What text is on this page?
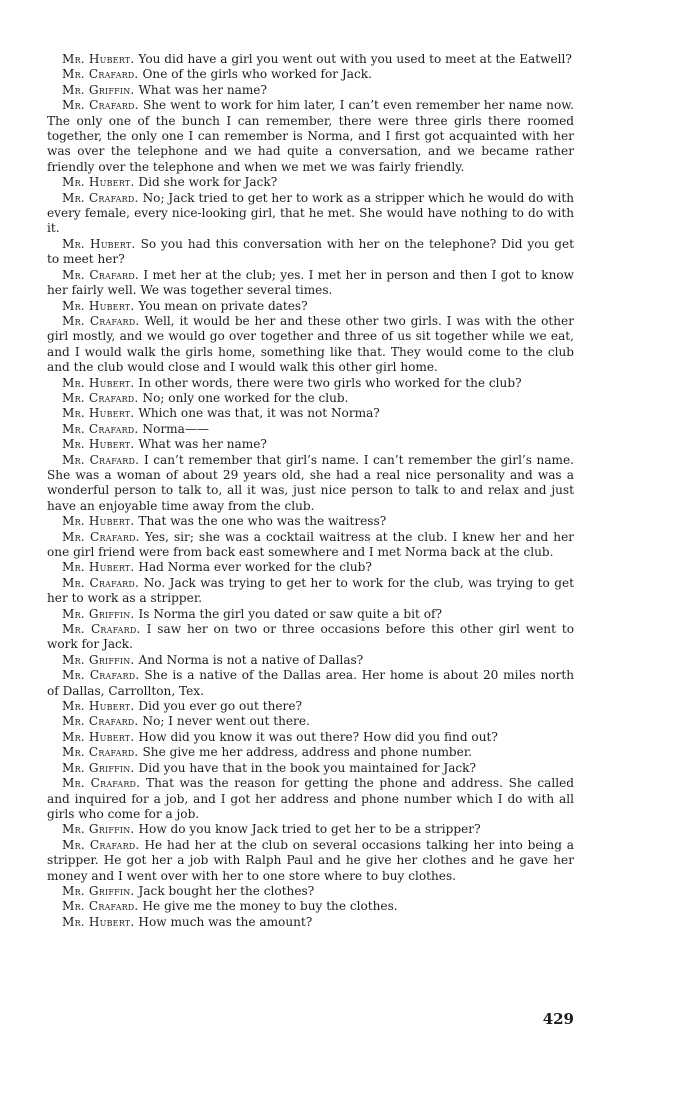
Mr. Hubert . You did have a girl you went out with you used to meet at the Eatwell?

Mr. Crafard . One of the girls who worked for Jack.

Mr. Griffin . What was her name?

Mr. Crafard . She went to work for him later, I can’t even remember her name now. The only one of the bunch I can remember, there were three girls there roomed together, the only one I can remember is Norma, and I first got acquainted with her was over the telephone and we had quite a conversation, and we became rather friendly over the telephone and when we met we was fairly friendly.

Mr. Hubert . Did she work for Jack?

Mr. Crafard . No; Jack tried to get her to work as a stripper which he would do with every female, every nice-looking girl, that he met. She would have nothing to do with it.

Mr. Hubert . So you had this conversation with her on the telephone? Did you get to meet her?

Mr. Crafard . I met her at the club; yes. I met her in person and then I got to know her fairly well. We was together several times.

Mr. Hubert . You mean on private dates?

Mr. Crafard . Well, it would be her and these other two girls. I was with the other girl mostly, and we would go over together and three of us sit together while we eat, and I would walk the girls home, something like that. They would come to the club and the club would close and I would walk this other girl home.

Mr. Hubert . In other words, there were two girls who worked for the club?

Mr. Crafard . No; only one worked for the club.

Mr. Hubert . Which one was that, it was not Norma?

Mr. Crafard . Norma——

Mr. Hubert . What was her name?

Mr. Crafard . I can’t remember that girl’s name. I can’t remember the girl’s name. She was a woman of about 29 years old, she had a real nice personality and was a wonderful person to talk to, all it was, just nice person to talk to and relax and just have an enjoyable time away from the club.

Mr. Hubert . That was the one who was the waitress?

Mr. Crafard . Yes, sir; she was a cocktail waitress at the club. I knew her and her one girl friend were from back east somewhere and I met Norma back at the club.

Mr. Hubert . Had Norma ever worked for the club?

Mr. Crafard . No. Jack was trying to get her to work for the club, was trying to get her to work as a stripper.

Mr. Griffin . Is Norma the girl you dated or saw quite a bit of?

Mr. Crafard . I saw her on two or three occasions before this other girl went to work for Jack.

Mr. Griffin . And Norma is not a native of Dallas?

Mr. Crafard . She is a native of the Dallas area. Her home is about 20 miles north of Dallas, Carrollton, Tex.

Mr. Hubert . Did you ever go out there?

Mr. Crafard . No; I never went out there.

Mr. Hubert . How did you know it was out there? How did you find out?

Mr. Crafard . She give me her address, address and phone number.

Mr. Griffin . Did you have that in the book you maintained for Jack?

Mr. Crafard . That was the reason for getting the phone and address. She called and inquired for a job, and I got her address and phone number which I do with all girls who come for a job.

Mr. Griffin . How do you know Jack tried to get her to be a stripper?

Mr. Crafard . He had her at the club on several occasions talking her into being a stripper. He got her a job with Ralph Paul and he give her clothes and he gave her money and I went over with her to one store where to buy clothes.

Mr. Griffin . Jack bought her the clothes?

Mr. Crafard . He give me the money to buy the clothes.

Mr. Hubert . How much was the amount?

429
